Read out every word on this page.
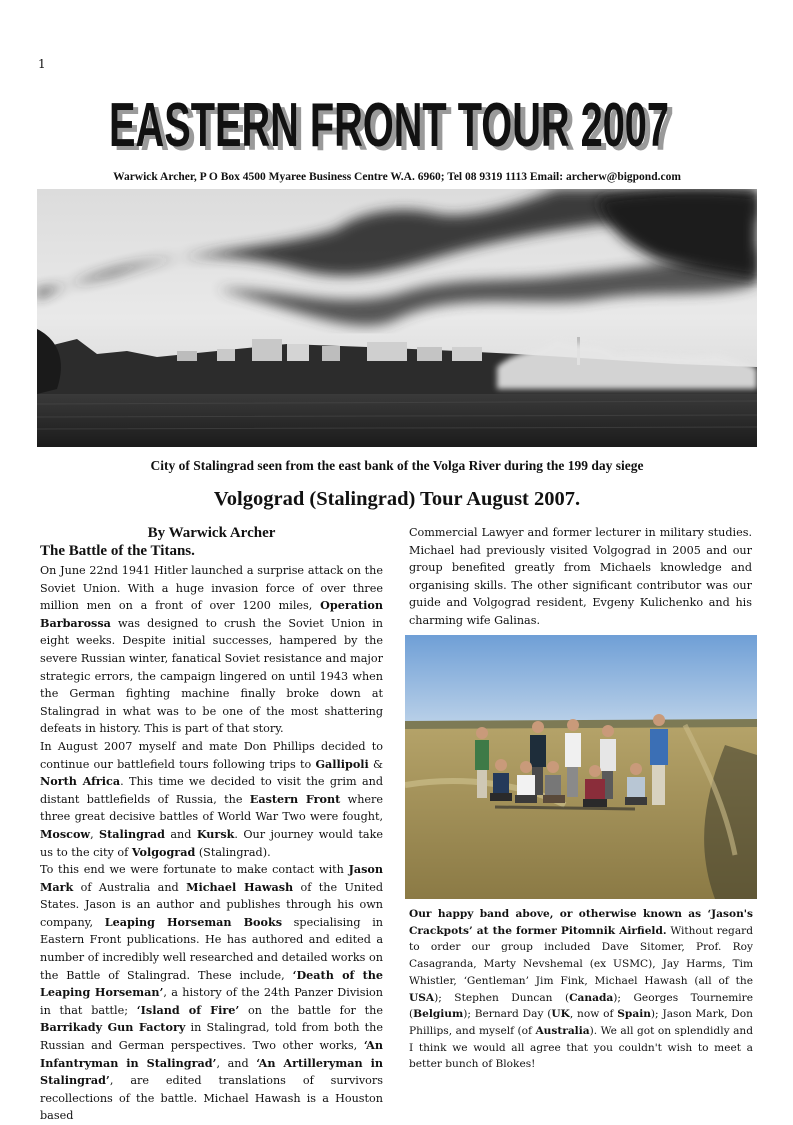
1
EASTERN FRONT TOUR 2007
EASTERN FRONT TOUR 2007
Warwick Archer, P O Box 4500 Myaree Business Centre W.A. 6960; Tel 08 9319 1113 Email: archerw@bigpond.com
City of Stalingrad seen from the east bank of the Volga River during the 199 day siege
Volgograd (Stalingrad) Tour August 2007.
By Warwick Archer
The Battle of the Titans.

On June 22nd 1941 Hitler launched a surprise attack on the Soviet Union. With a huge invasion force of over three million men on a front of over 1200 miles, Operation Barbarossa was designed to crush the Soviet Union in eight weeks. Despite initial successes, hampered by the severe Russian winter, fanatical Soviet resistance and major strategic errors, the campaign lingered on until 1943 when the German fighting machine finally broke down at Stalingrad in what was to be one of the most shattering defeats in history. This is part of that story.

In August 2007 myself and mate Don Phillips decided to continue our battlefield tours following trips to Gallipoli & North Africa. This time we decided to visit the grim and distant battlefields of Russia, the Eastern Front where three great decisive battles of World War Two were fought, Moscow, Stalingrad and Kursk. Our journey would take us to the city of Volgograd (Stalingrad).

To this end we were fortunate to make contact with Jason Mark of Australia and Michael Hawash of the United States. Jason is an author and publishes through his own company, Leaping Horseman Books specialising in Eastern Front publications. He has authored and edited a number of incredibly well researched and detailed works on the Battle of Stalingrad. These include, ‘Death of the Leaping Horseman’, a history of the 24th Panzer Division in that battle; ‘Island of Fire’ on the battle for the Barrikady Gun Factory in Stalingrad, told from both the Russian and German perspectives. Two other works, ‘An Infantryman in Stalingrad’, and ‘An Artilleryman in Stalingrad’, are edited translations of survivors recollections of the battle. Michael Hawash is a Houston based

Commercial Lawyer and former lecturer in military studies. Michael had previously visited Volgograd in 2005 and our group benefited greatly from Michaels knowledge and organising skills. The other significant contributor was our guide and Volgograd resident, Evgeny Kulichenko and his charming wife Galinas.

Our happy band above, or otherwise known as ‘Jason's Crackpots’ at the former Pitomnik Airfield. Without regard to order our group included Dave Sitomer, Prof. Roy Casagranda, Marty Nevshemal (ex USMC), Jay Harms, Tim Whistler, ‘Gentleman’ Jim Fink, Michael Hawash (all of the USA); Stephen Duncan (Canada); Georges Tournemire (Belgium); Bernard Day (UK, now of Spain); Jason Mark, Don Phillips, and myself (of Australia). We all got on splendidly and I think we would all agree that you couldn't wish to meet a better bunch of Blokes!
